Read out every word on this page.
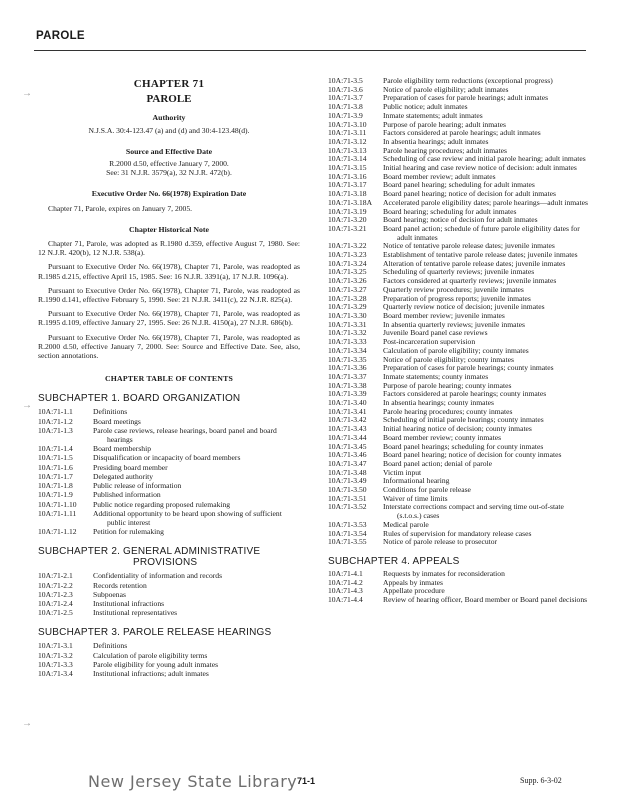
PAROLE
→
→
→
CHAPTER 71
PAROLE
Authority
N.J.S.A. 30:4-123.47 (a) and (d) and 30:4-123.48(d).
Source and Effective Date
R.2000 d.50, effective January 7, 2000.
See: 31 N.J.R. 3579(a), 32 N.J.R. 472(b).
Executive Order No. 66(1978) Expiration Date
Chapter 71, Parole, expires on January 7, 2005.
Chapter Historical Note
Chapter 71, Parole, was adopted as R.1980 d.359, effective August 7, 1980. See: 12 N.J.R. 420(b), 12 N.J.R. 538(a).
Pursuant to Executive Order No. 66(1978), Chapter 71, Parole, was readopted as R.1985 d.215, effective April 15, 1985. See: 16 N.J.R. 3391(a), 17 N.J.R. 1096(a).
Pursuant to Executive Order No. 66(1978), Chapter 71, Parole, was readopted as R.1990 d.141, effective February 5, 1990. See: 21 N.J.R. 3411(c), 22 N.J.R. 825(a).
Pursuant to Executive Order No. 66(1978), Chapter 71, Parole, was readopted as R.1995 d.109, effective January 27, 1995. See: 26 N.J.R. 4150(a), 27 N.J.R. 686(b).
Pursuant to Executive Order No. 66(1978), Chapter 71, Parole, was readopted as R.2000 d.50, effective January 7, 2000. See: Source and Effective Date. See, also, section annotations.
CHAPTER TABLE OF CONTENTS
SUBCHAPTER 1. BOARD ORGANIZATION
10A:71-1.1	Definitions
10A:71-1.2	Board meetings
10A:71-1.3	Parole case reviews, release hearings, board panel and board hearings
10A:71-1.4	Board membership
10A:71-1.5	Disqualification or incapacity of board members
10A:71-1.6	Presiding board member
10A:71-1.7	Delegated authority
10A:71-1.8	Public release of information
10A:71-1.9	Published information
10A:71-1.10	Public notice regarding proposed rulemaking
10A:71-1.11	Additional opportunity to be heard upon showing of sufficient public interest
10A:71-1.12	Petition for rulemaking
SUBCHAPTER 2. GENERAL ADMINISTRATIVE
PROVISIONS
10A:71-2.1	Confidentiality of information and records
10A:71-2.2	Records retention
10A:71-2.3	Subpoenas
10A:71-2.4	Institutional infractions
10A:71-2.5	Institutional representatives
SUBCHAPTER 3. PAROLE RELEASE HEARINGS
10A:71-3.1	Definitions
10A:71-3.2	Calculation of parole eligibility terms
10A:71-3.3	Parole eligibility for young adult inmates
10A:71-3.4	Institutional infractions; adult inmates
10A:71-3.5	Parole eligibility term reductions (exceptional progress)
10A:71-3.6	Notice of parole eligibility; adult inmates
10A:71-3.7	Preparation of cases for parole hearings; adult inmates
10A:71-3.8	Public notice; adult inmates
10A:71-3.9	Inmate statements; adult inmates
10A:71-3.10	Purpose of parole hearing; adult inmates
10A:71-3.11	Factors considered at parole hearings; adult inmates
10A:71-3.12	In absentia hearings; adult inmates
10A:71-3.13	Parole hearing procedures; adult inmates
10A:71-3.14	Scheduling of case review and initial parole hearing; adult inmates
10A:71-3.15	Initial hearing and case review notice of decision: adult inmates
10A:71-3.16	Board member review; adult inmates
10A:71-3.17	Board panel hearing; scheduling for adult inmates
10A:71-3.18	Board panel hearing; notice of decision for adult inmates
10A:71-3.18A	Accelerated parole eligibility dates; parole hearings—adult inmates
10A:71-3.19	Board hearing; scheduling for adult inmates
10A:71-3.20	Board hearing; notice of decision for adult inmates
10A:71-3.21	Board panel action; schedule of future parole eligibility dates for adult inmates
10A:71-3.22	Notice of tentative parole release dates; juvenile inmates
10A:71-3.23	Establishment of tentative parole release dates; juvenile inmates
10A:71-3.24	Alteration of tentative parole release dates; juvenile inmates
10A:71-3.25	Scheduling of quarterly reviews; juvenile inmates
10A:71-3.26	Factors considered at quarterly reviews; juvenile inmates
10A:71-3.27	Quarterly review procedures; juvenile inmates
10A:71-3.28	Preparation of progress reports; juvenile inmates
10A:71-3.29	Quarterly review notice of decision; juvenile inmates
10A:71-3.30	Board member review; juvenile inmates
10A:71-3.31	In absentia quarterly reviews; juvenile inmates
10A:71-3.32	Juvenile Board panel case reviews
10A:71-3.33	Post-incarceration supervision
10A:71-3.34	Calculation of parole eligibility; county inmates
10A:71-3.35	Notice of parole eligibility; county inmates
10A:71-3.36	Preparation of cases for parole hearings; county inmates
10A:71-3.37	Inmate statements; county inmates
10A:71-3.38	Purpose of parole hearing; county inmates
10A:71-3.39	Factors considered at parole hearings; county inmates
10A:71-3.40	In absentia hearings; county inmates
10A:71-3.41	Parole hearing procedures; county inmates
10A:71-3.42	Scheduling of initial parole hearings; county inmates
10A:71-3.43	Initial hearing notice of decision; county inmates
10A:71-3.44	Board member review; county inmates
10A:71-3.45	Board panel hearings; scheduling for county inmates
10A:71-3.46	Board panel hearing; notice of decision for county inmates
10A:71-3.47	Board panel action; denial of parole
10A:71-3.48	Victim input
10A:71-3.49	Informational hearing
10A:71-3.50	Conditions for parole release
10A:71-3.51	Waiver of time limits
10A:71-3.52	Interstate corrections compact and serving time out-of-state (s.t.o.s.) cases
10A:71-3.53	Medical parole
10A:71-3.54	Rules of supervision for mandatory release cases
10A:71-3.55	Notice of parole release to prosecutor
SUBCHAPTER 4. APPEALS
10A:71-4.1	Requests by inmates for reconsideration
10A:71-4.2	Appeals by inmates
10A:71-4.3	Appellate procedure
10A:71-4.4	Review of hearing officer, Board member or Board panel decisions
New Jersey State Library 71-1	Supp. 6-3-02
